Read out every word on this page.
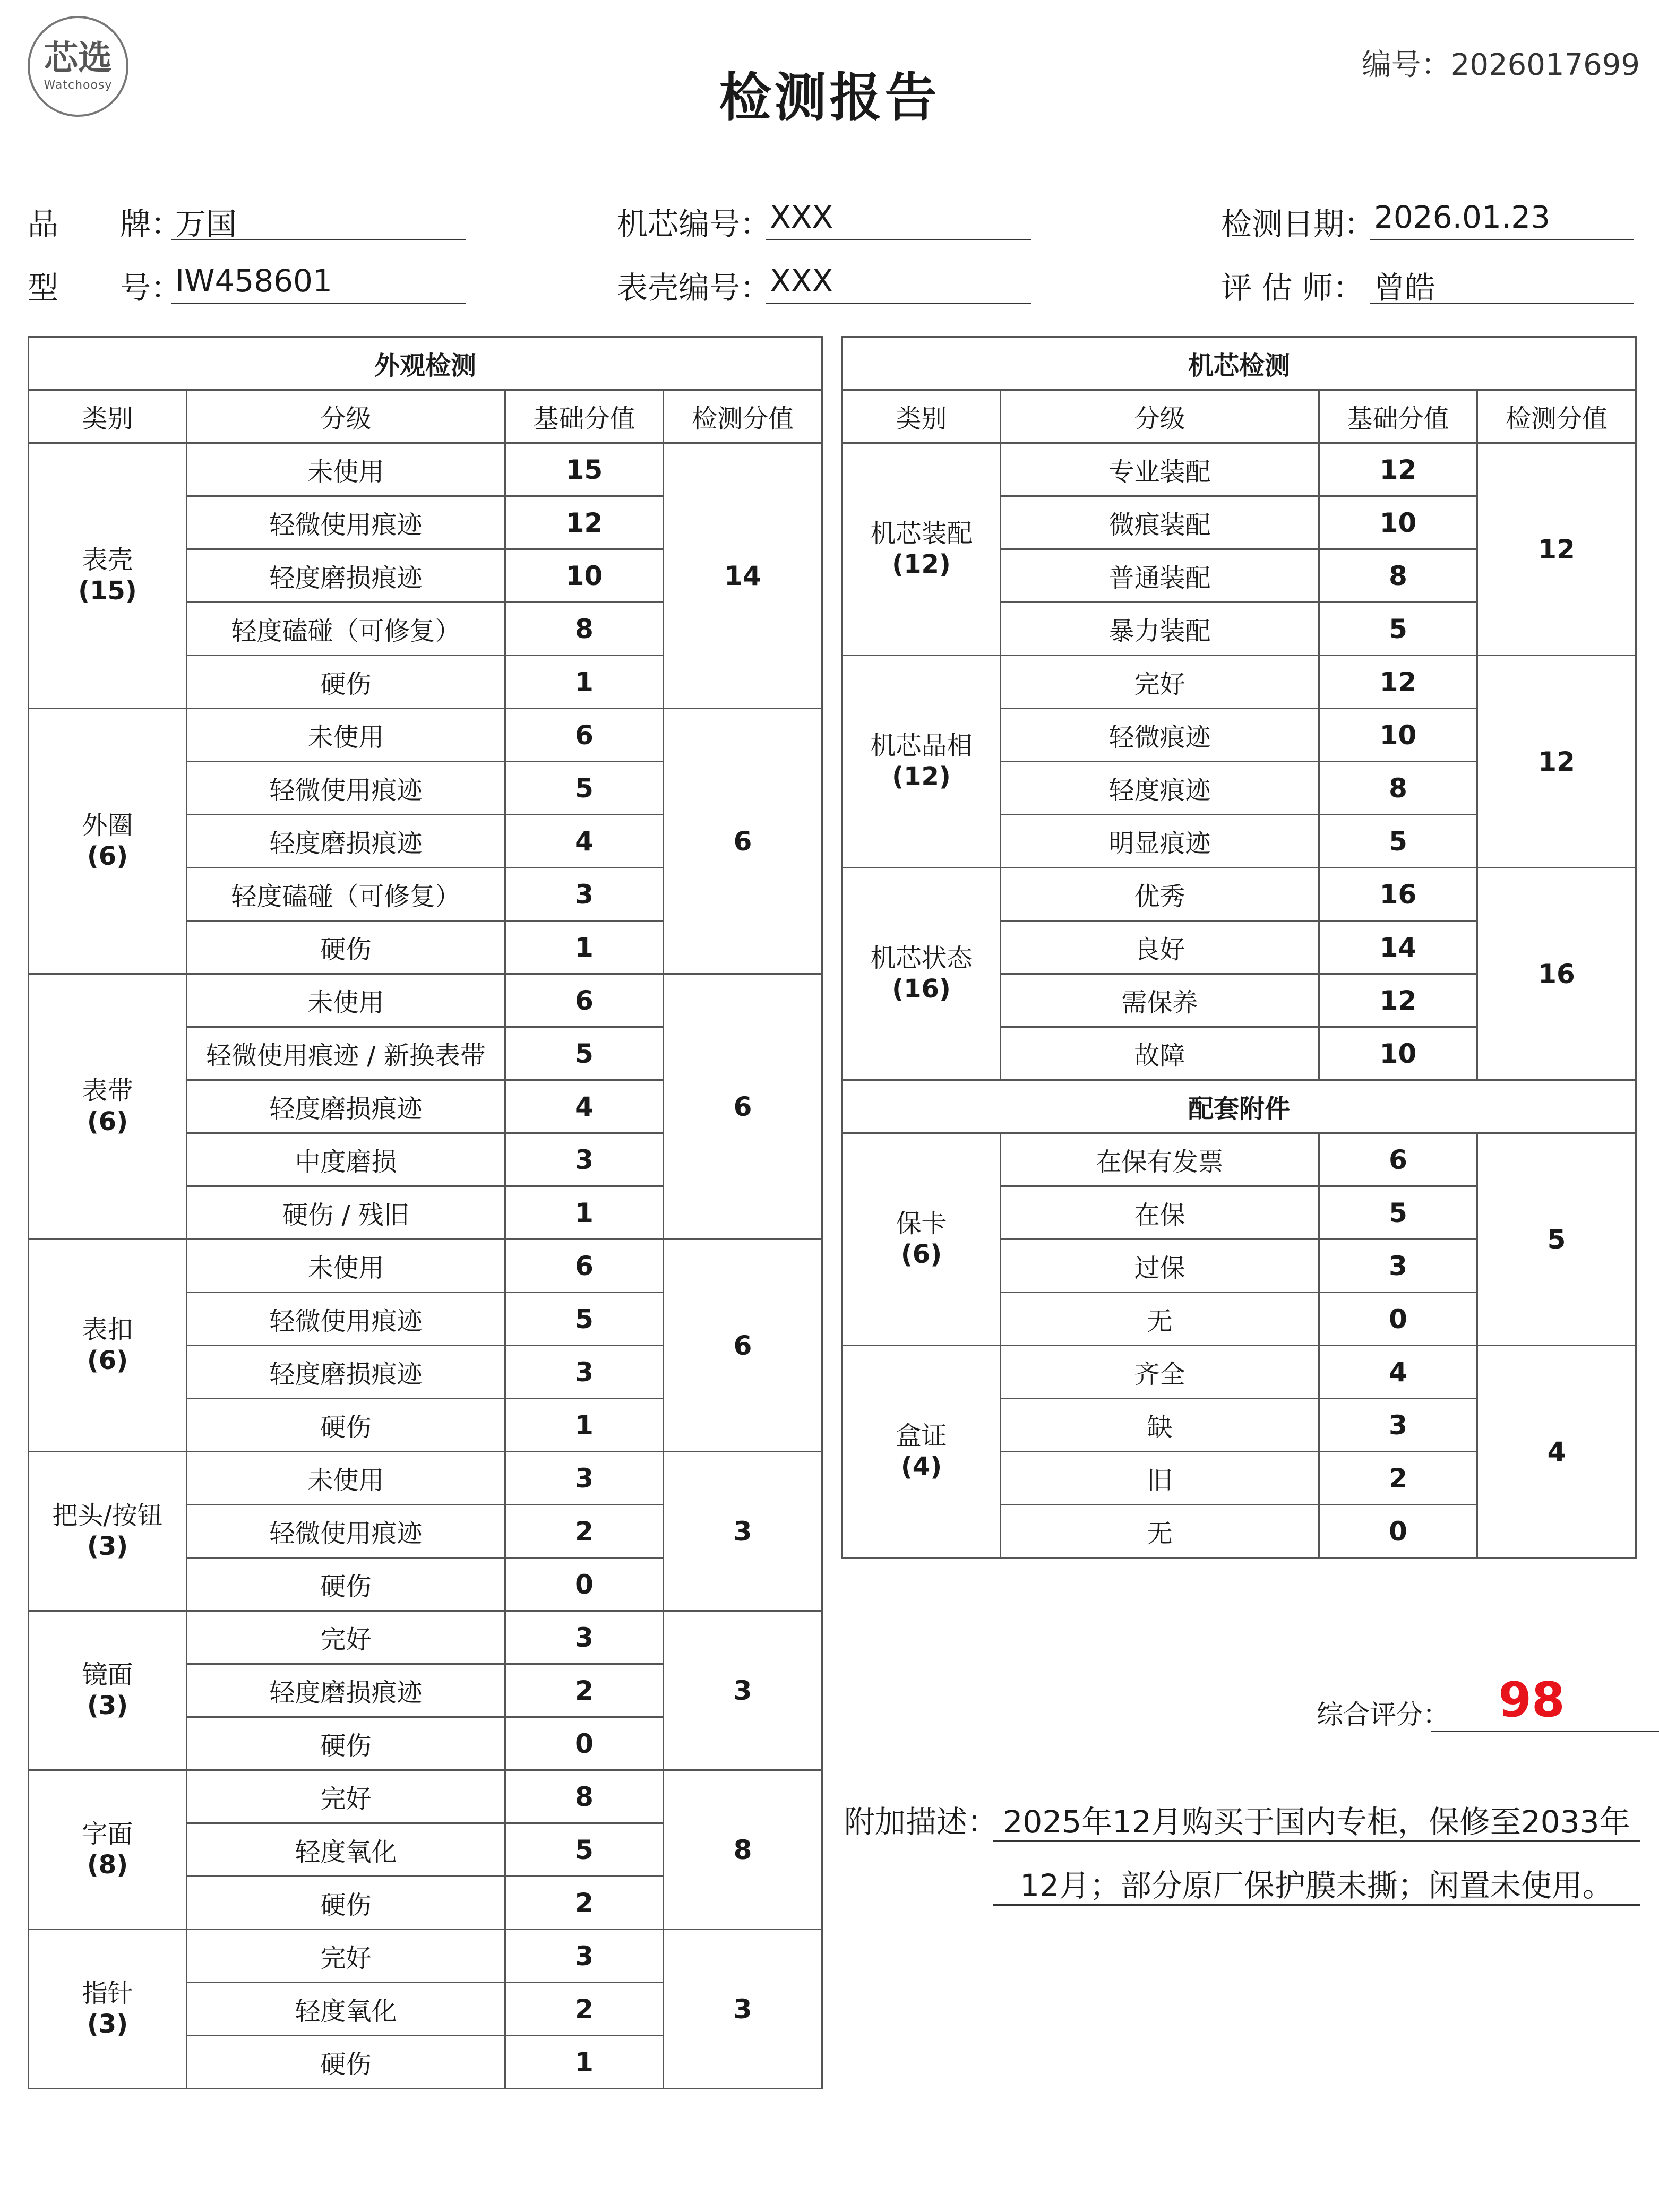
芯选
Watchoosy	检测报告
编号：2026017699
品　　牌：
万国
型　　号：
IW458601
机芯编号：
XXX
表壳编号：
XXX
检测日期：
2026.01.23
评 估 师： 曾皓
外观检测			
类别	分级	基础分值	检测分值

表壳
(15)	未使用	15	14
	轻微使用痕迹	12	
	轻度磨损痕迹	10	
	轻度磕碰（可修复）	8	
	硬伤	1	

外圈
(6)	未使用	6	6
	轻微使用痕迹	5	
	轻度磨损痕迹	4	
	轻度磕碰（可修复）	3	
	硬伤	1	

表带
(6)	未使用	6	6
	轻微使用痕迹 / 新换表带	5	
	轻度磨损痕迹	4	
	中度磨损	3	
	硬伤 / 残旧	1	

表扣
(6)	未使用	6	6
	轻微使用痕迹	5	
	轻度磨损痕迹	3	
	硬伤	1	

把头/按钮
(3)	未使用	3	3
	轻微使用痕迹	2	
	硬伤	0	

镜面
(3)	完好	3	3
	轻度磨损痕迹	2	
	硬伤	0	

字面
(8)	完好	8	8
	轻度氧化	5	
	硬伤	2	

指针
(3)	完好	3	3
	轻度氧化	2	
	硬伤	1	
机芯检测			
类别	分级	基础分值	检测分值

机芯装配
(12)	专业装配	12	12
	微痕装配	10	
	普通装配	8	
	暴力装配	5	

机芯品相
(12)	完好	12	12
	轻微痕迹	10	
	轻度痕迹	8	
	明显痕迹	5	

机芯状态
(16)	优秀	16	16
	良好	14	
	需保养	12	
	故障	10	
配套附件			

保卡
(6)	在保有发票	6	5
	在保	5	
	过保	3	
	无	0	

盒证
(4)	齐全	4	4
	缺	3	
	旧	2	
	无	0	
综合评分：	98
附加描述： 2025年12月购买于国内专柜，保修至2033年
12月；部分原厂保护膜未撕；闲置未使用。
